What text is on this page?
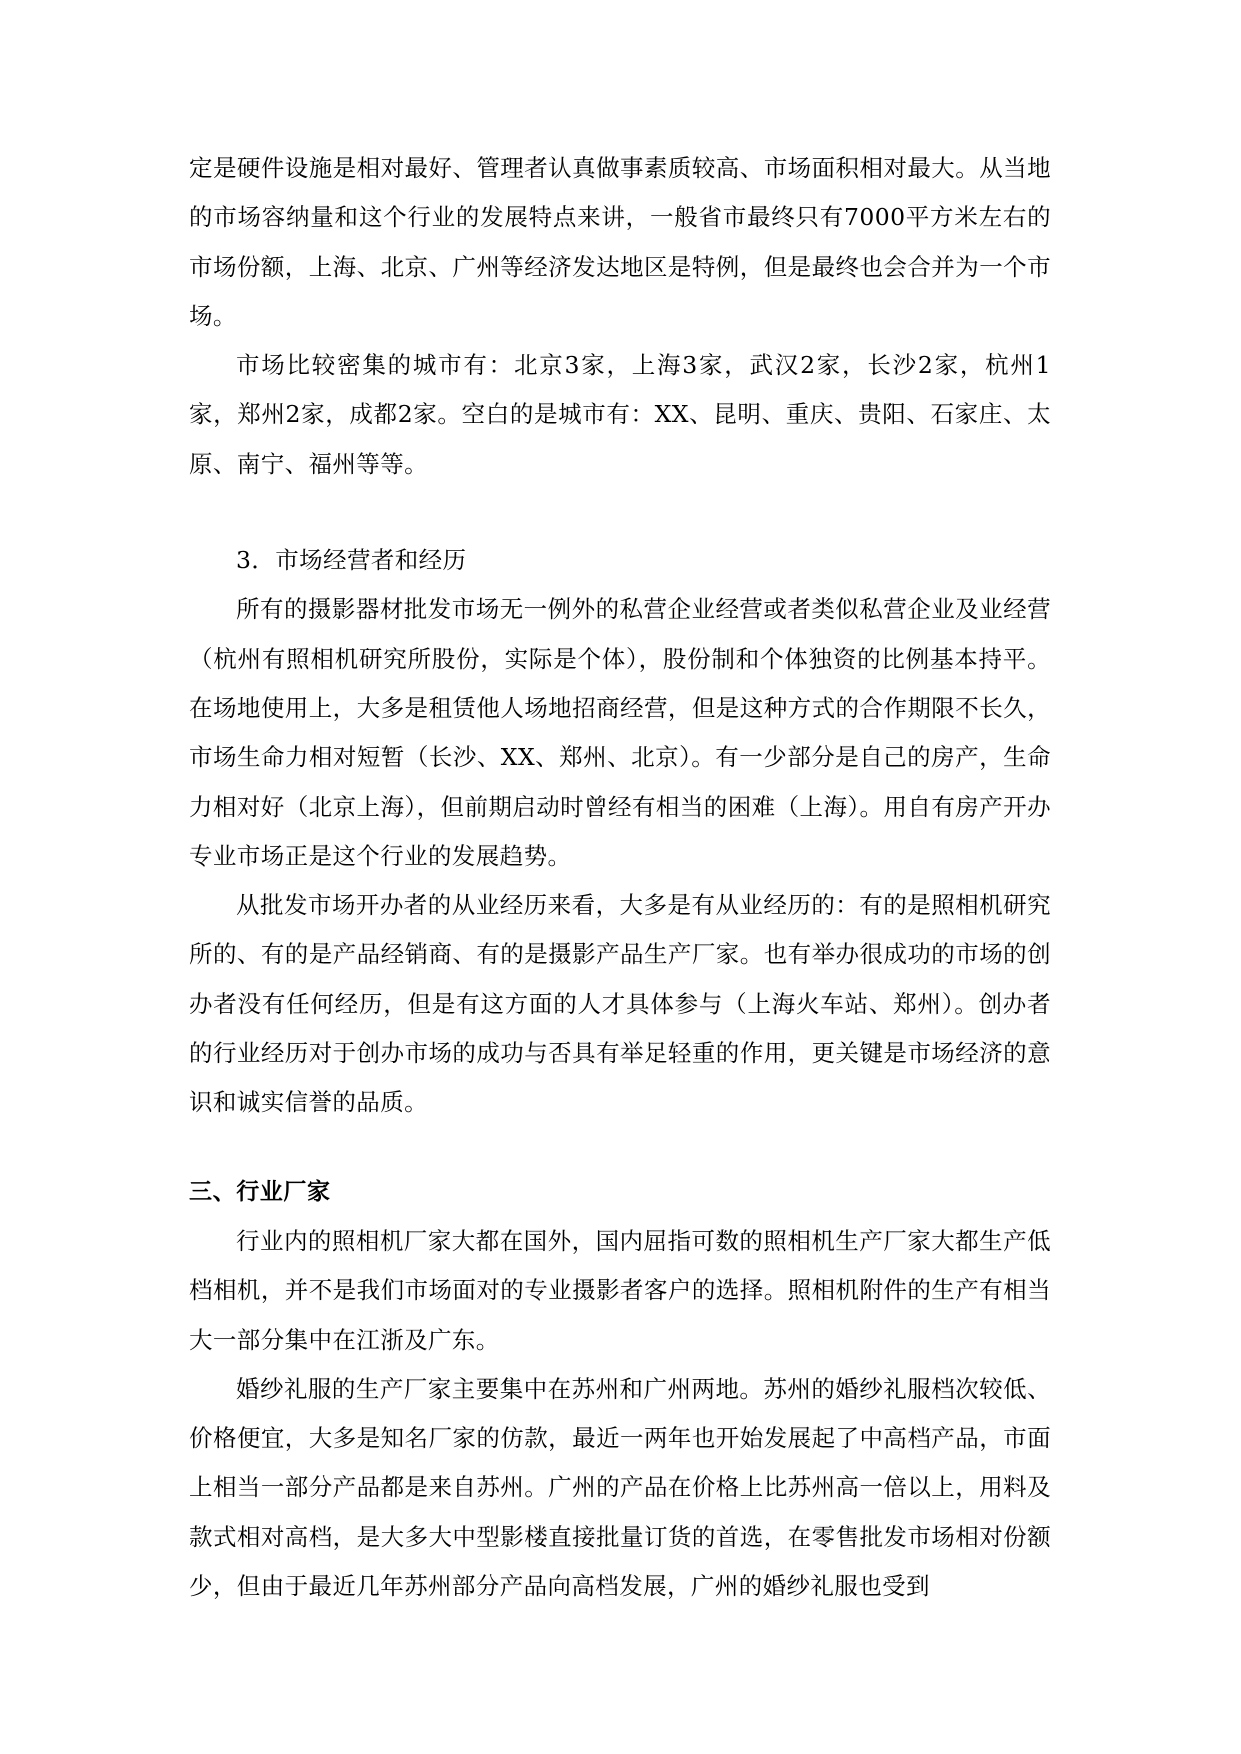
定是硬件设施是相对最好、管理者认真做事素质较高、市场面积相对最大。从当地的市场容纳量和这个行业的发展特点来讲，一般省市最终只有7000平方米左右的市场份额，上海、北京、广州等经济发达地区是特例，但是最终也会合并为一个市场。

市场比较密集的城市有：北京3家，上海3家，武汉2家，长沙2家，杭州1家，郑州2家，成都2家。空白的是城市有：XX、昆明、重庆、贵阳、石家庄、太原、南宁、福州等等。

3．市场经营者和经历

所有的摄影器材批发市场无一例外的私营企业经营或者类似私营企业及业经营（杭州有照相机研究所股份，实际是个体），股份制和个体独资的比例基本持平。在场地使用上，大多是租赁他人场地招商经营，但是这种方式的合作期限不长久，市场生命力相对短暂（长沙、XX、郑州、北京）。有一少部分是自己的房产，生命力相对好（北京上海），但前期启动时曾经有相当的困难（上海）。用自有房产开办专业市场正是这个行业的发展趋势。

从批发市场开办者的从业经历来看，大多是有从业经历的：有的是照相机研究所的、有的是产品经销商、有的是摄影产品生产厂家。也有举办很成功的市场的创办者没有任何经历，但是有这方面的人才具体参与（上海火车站、郑州）。创办者的行业经历对于创办市场的成功与否具有举足轻重的作用，更关键是市场经济的意识和诚实信誉的品质。

三、行业厂家

行业内的照相机厂家大都在国外，国内屈指可数的照相机生产厂家大都生产低档相机，并不是我们市场面对的专业摄影者客户的选择。照相机附件的生产有相当大一部分集中在江浙及广东。

婚纱礼服的生产厂家主要集中在苏州和广州两地。苏州的婚纱礼服档次较低、价格便宜，大多是知名厂家的仿款，最近一两年也开始发展起了中高档产品，市面上相当一部分产品都是来自苏州。广州的产品在价格上比苏州高一倍以上，用料及款式相对高档，是大多大中型影楼直接批量订货的首选，在零售批发市场相对份额少，但由于最近几年苏州部分产品向高档发展，广州的婚纱礼服也受到
